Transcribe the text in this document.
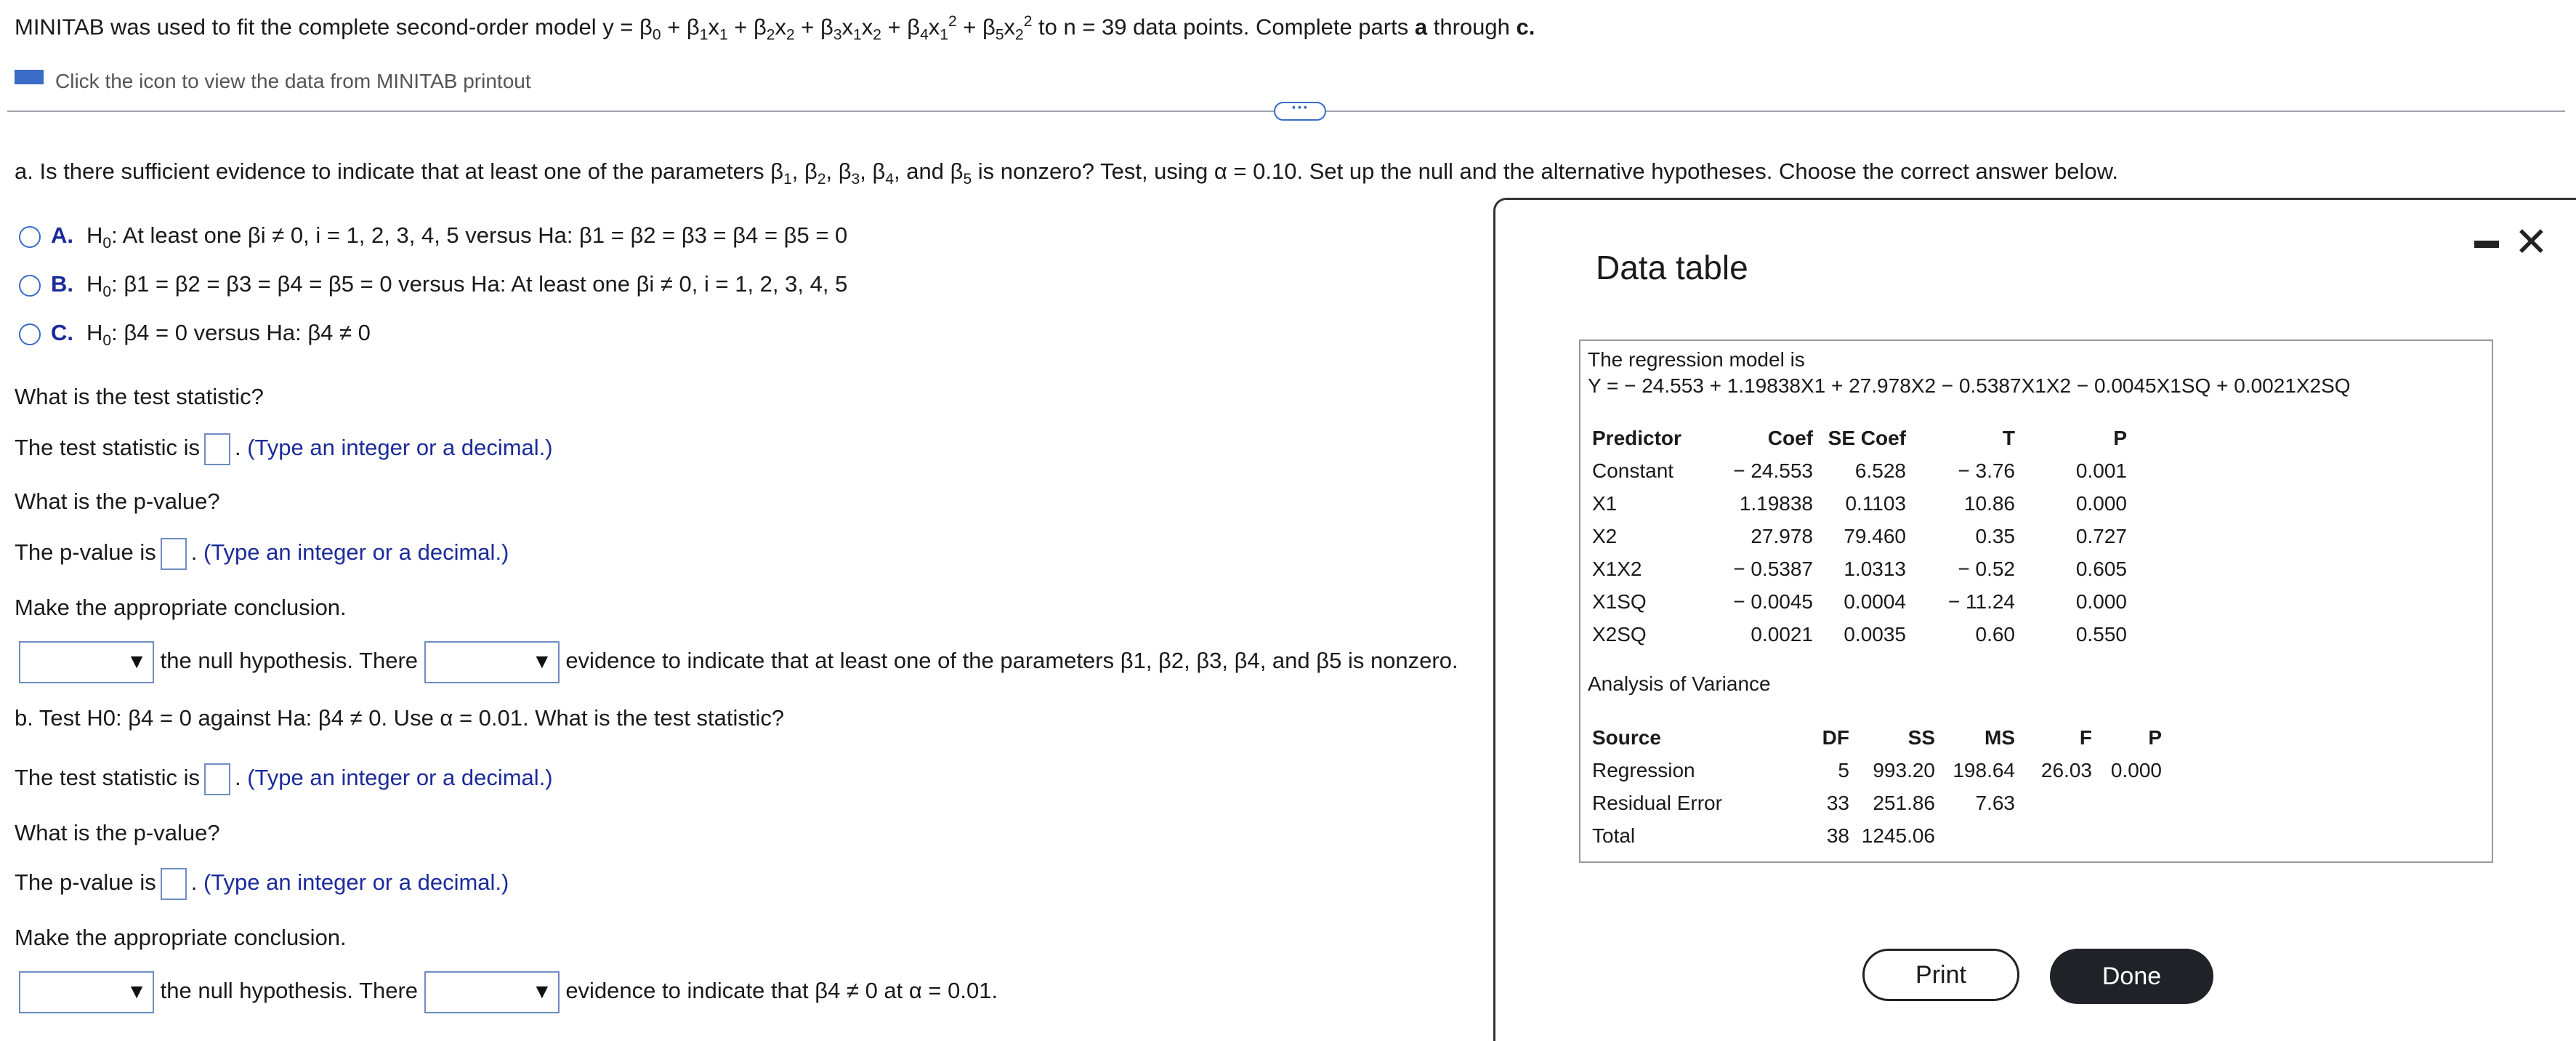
MINITAB was used to fit the complete second-order model $y = \beta_0 + \beta_1x_1 + \beta_2x_2 + \beta_3x_1x_2 + \beta_4x_1^2 + \beta_5x_2^2$ to n = 39 data points. Complete parts a through c.
Click the icon to view the data from MINITAB printout
···
a. Is there sufficient evidence to indicate that at least one of the parameters $\beta_1$, $\beta_2$, $\beta_3$, $\beta_4$, and $\beta_5$ is nonzero? Test, using α = 0.10. Set up the null and the alternative hypotheses. Choose the correct answer below.
A. $H_0$: At least one βi ≠ 0, i = 1, 2, 3, 4, 5 versus Ha: β1 = β2 = β3 = β4 = β5 = 0
B. $H_0$: β1 = β2 = β3 = β4 = β5 = 0 versus Ha: At least one βi ≠ 0, i = 1, 2, 3, 4, 5
C. $H_0$: β4 = 0 versus Ha: β4 ≠ 0
What is the test statistic?
The test statistic is . (Type an integer or a decimal.)
What is the p-value?
The p-value is . (Type an integer or a decimal.)
Make the appropriate conclusion.
▼ the null hypothesis. There	▼ evidence to indicate that at least one of the parameters β1, β2, β3, β4, and β5 is nonzero.
b. Test H0: β4 = 0 against Ha: β4 ≠ 0. Use α = 0.01. What is the test statistic?
The test statistic is . (Type an integer or a decimal.)
What is the p-value?
The p-value is . (Type an integer or a decimal.)
Make the appropriate conclusion.
▼ the null hypothesis. There	▼ evidence to indicate that β4 ≠ 0 at α = 0.01.
Data table
✕
The regression model is
Y = − 24.553 + 1.19838X1 + 27.978X2 − 0.5387X1X2 − 0.0045X1SQ + 0.0021X2SQ
Predictor	Coef SE Coef	T	P
Constant	− 24.553	6.528	− 3.76	0.001
X1	1.19838	0.1103	10.86	0.000
X2	27.978	79.460	0.35	0.727
X1X2	− 0.5387	1.0313	− 0.52	0.605
X1SQ	− 0.0045	0.0004	− 11.24	0.000
X2SQ	0.0021	0.0035	0.60	0.550
Analysis of Variance
Source	DF	SS	MS	F	P
Regression	5	993.20 198.64	26.03 0.000
Residual Error	33	251.86	7.63
Total	38 1245.06
Print	Done
